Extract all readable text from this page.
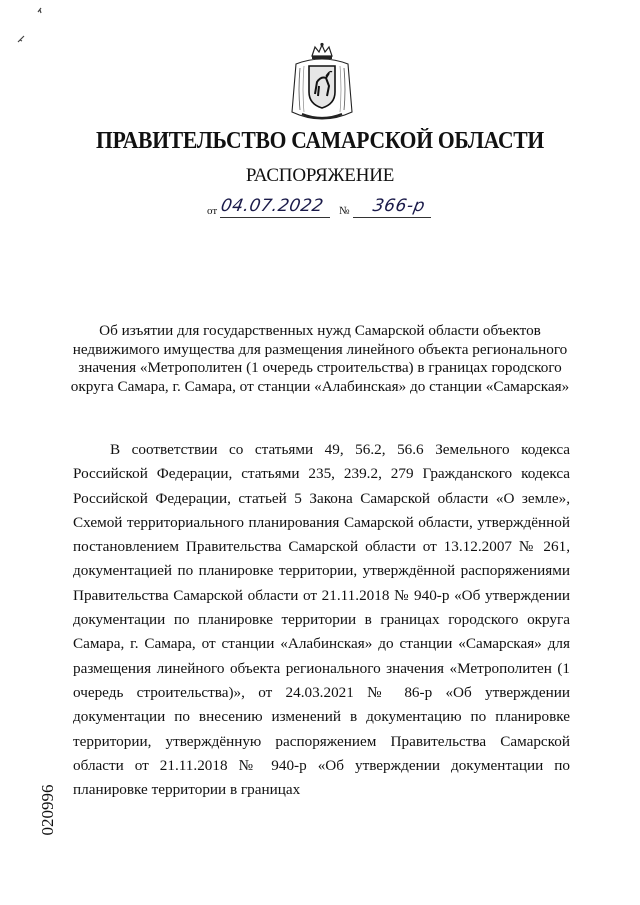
ПРАВИТЕЛЬСТВО САМАРСКОЙ ОБЛАСТИ
РАСПОРЯЖЕНИЕ
от 04.07.2022 № 366-р
Об изъятии для государственных нужд Самарской области объектов недвижимого имущества для размещения линейного объекта регионального значения «Метрополитен (1 очередь строительства) в границах городского округа Самара, г. Самара, от станции «Алабинская» до станции «Самарская»
В соответствии со статьями 49, 56.2, 56.6 Земельного кодекса Российской Федерации, статьями 235, 239.2, 279 Гражданского кодекса Российской Федерации, статьей 5 Закона Самарской области «О земле», Схемой территориального планирования Самарской области, утверждённой постановлением Правительства Самарской области от 13.12.2007 № 261, документацией по планировке территории, утверждённой распоряжениями Правительства Самарской области от 21.11.2018 № 940-р «Об утверждении документации по планировке территории в границах городского округа Самара, г. Самара, от станции «Алабинская» до станции «Самарская» для размещения линейного объекта регионального значения «Метрополитен (1 очередь строительства)», от 24.03.2021 № 86-р «Об утверждении документации по внесению изменений в документацию по планировке территории, утверждённую распоряжением Правительства Самарской области от 21.11.2018 № 940-р «Об утверждении документации по планировке территории в границах
020996
